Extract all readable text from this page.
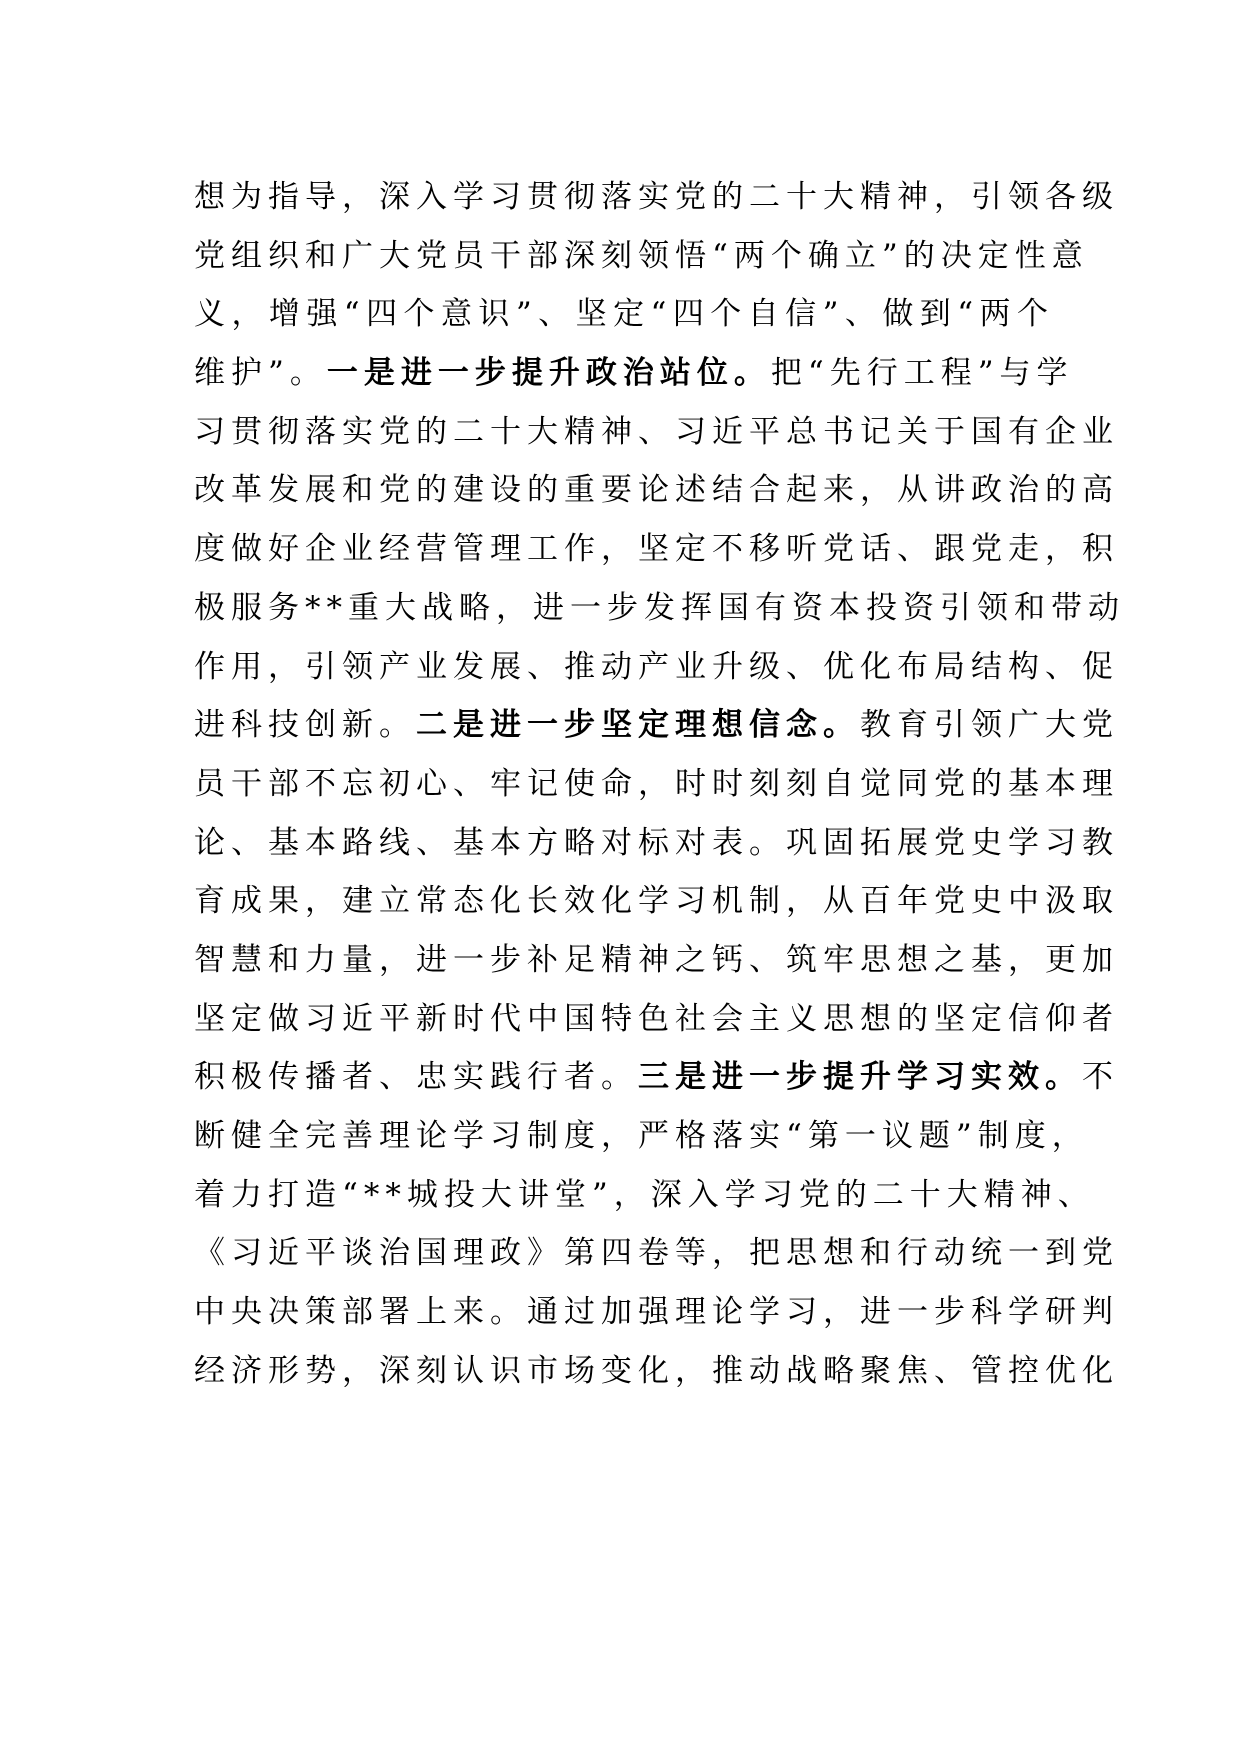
想为指导，深入学习贯彻落实党的二十大精神，引领各级
党组织和广大党员干部深刻领悟“两个确立”的决定性意
义，增强“四个意识”、坚定“四个自信”、做到“两个
维护”。一是进一步提升政治站位。把“先行工程”与学
习贯彻落实党的二十大精神、习近平总书记关于国有企业
改革发展和党的建设的重要论述结合起来，从讲政治的高
度做好企业经营管理工作，坚定不移听党话、跟党走，积
极服务**重大战略，进一步发挥国有资本投资引领和带动
作用，引领产业发展、推动产业升级、优化布局结构、促
进科技创新。二是进一步坚定理想信念。教育引领广大党
员干部不忘初心、牢记使命，时时刻刻自觉同党的基本理
论、基本路线、基本方略对标对表。巩固拓展党史学习教
育成果，建立常态化长效化学习机制，从百年党史中汲取
智慧和力量，进一步补足精神之钙、筑牢思想之基，更加
坚定做习近平新时代中国特色社会主义思想的坚定信仰者
积极传播者、忠实践行者。三是进一步提升学习实效。不
断健全完善理论学习制度，严格落实“第一议题”制度，
着力打造“**城投大讲堂”，深入学习党的二十大精神、
《习近平谈治国理政》第四卷等，把思想和行动统一到党
中央决策部署上来。通过加强理论学习，进一步科学研判
经济形势，深刻认识市场变化，推动战略聚焦、管控优化
